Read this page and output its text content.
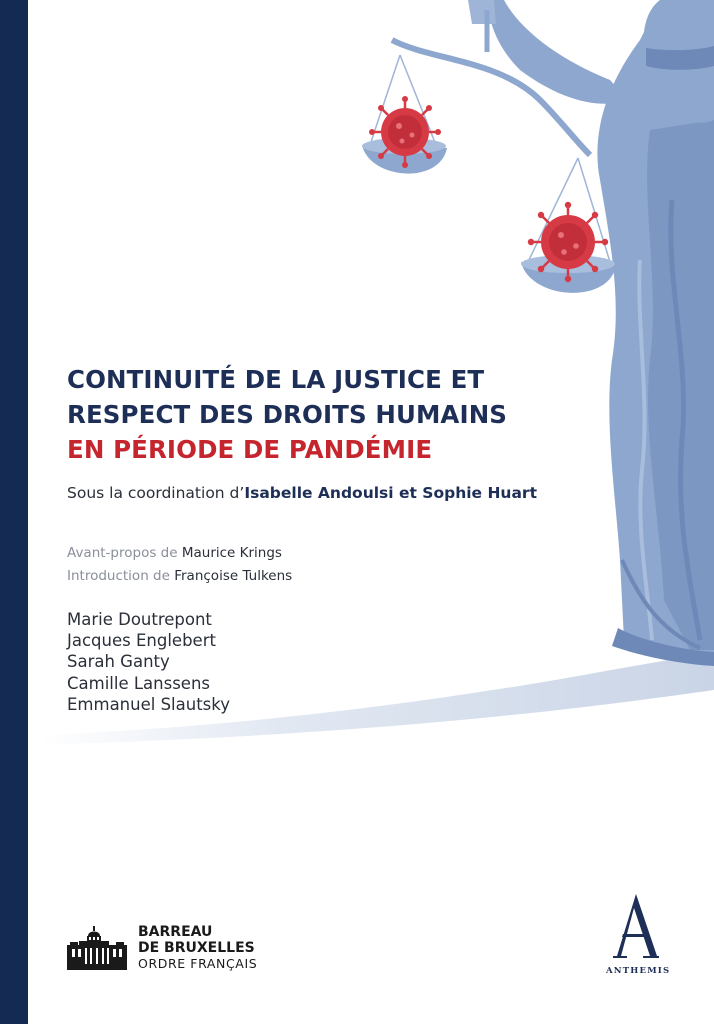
CONTINUITÉ DE LA JUSTICE ET
RESPECT DES DROITS HUMAINS
EN PÉRIODE DE PANDÉMIE
Sous la coordination d’Isabelle Andoulsi et Sophie Huart
Avant-propos de Maurice Krings
Introduction de Françoise Tulkens
Marie Doutrepont
Jacques Englebert
Sarah Ganty
Camille Lanssens
Emmanuel Slautsky
BARREAU
DE BRUXELLES
ORDRE FRANÇAIS	ANTHEMIS
